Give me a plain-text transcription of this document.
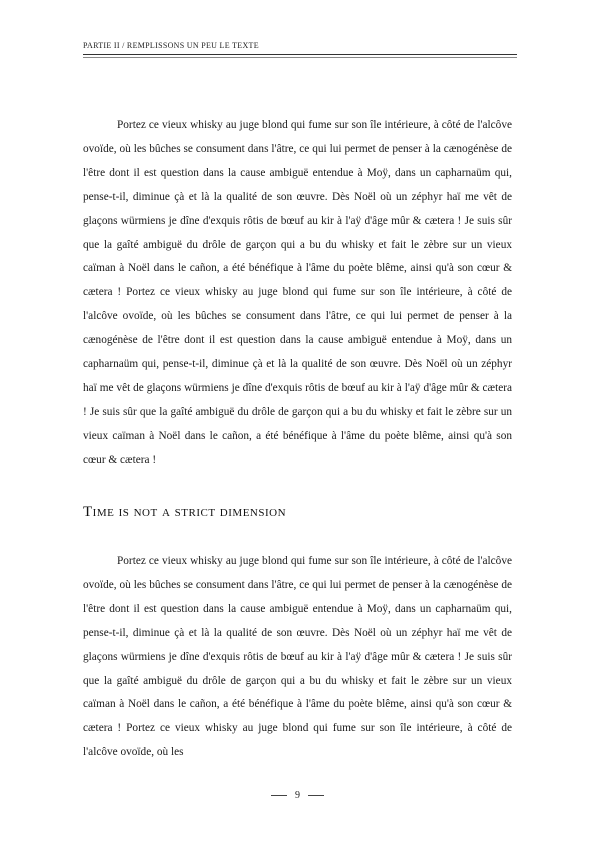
PARTIE II / REMPLISSONS UN PEU LE TEXTE

Portez ce vieux whisky au juge blond qui fume sur son île intérieure, à côté de l'alcôve ovoïde, où les bûches se consument dans l'âtre, ce qui lui permet de penser à la cænogénèse de l'être dont il est question dans la cause ambiguë entendue à Moÿ, dans un capharnaüm qui, pense-t-il, diminue çà et là la qualité de son œuvre. Dès Noël où un zéphyr haï me vêt de glaçons würmiens je dîne d'exquis rôtis de bœuf au kir à l'aÿ d'âge mûr & cætera ! Je suis sûr que la gaîté ambiguë du drôle de garçon qui a bu du whisky et fait le zèbre sur un vieux caïman à Noël dans le cañon, a été bénéfique à l'âme du poète blême, ainsi qu'à son cœur & cætera ! Portez ce vieux whisky au juge blond qui fume sur son île intérieure, à côté de l'alcôve ovoïde, où les bûches se consument dans l'âtre, ce qui lui permet de penser à la cænogénèse de l'être dont il est question dans la cause ambiguë entendue à Moÿ, dans un capharnaüm qui, pense-t-il, diminue çà et là la qualité de son œuvre. Dès Noël où un zéphyr haï me vêt de glaçons würmiens je dîne d'exquis rôtis de bœuf au kir à l'aÿ d'âge mûr & cætera ! Je suis sûr que la gaîté ambiguë du drôle de garçon qui a bu du whisky et fait le zèbre sur un vieux caïman à Noël dans le cañon, a été bénéfique à l'âme du poète blême, ainsi qu'à son cœur & cætera !

Time is not a strict dimension

Portez ce vieux whisky au juge blond qui fume sur son île intérieure, à côté de l'alcôve ovoïde, où les bûches se consument dans l'âtre, ce qui lui permet de penser à la cænogénèse de l'être dont il est question dans la cause ambiguë entendue à Moÿ, dans un capharnaüm qui, pense-t-il, diminue çà et là la qualité de son œuvre. Dès Noël où un zéphyr haï me vêt de glaçons würmiens je dîne d'exquis rôtis de bœuf au kir à l'aÿ d'âge mûr & cætera ! Je suis sûr que la gaîté ambiguë du drôle de garçon qui a bu du whisky et fait le zèbre sur un vieux caïman à Noël dans le cañon, a été bénéfique à l'âme du poète blême, ainsi qu'à son cœur & cætera ! Portez ce vieux whisky au juge blond qui fume sur son île intérieure, à côté de l'alcôve ovoïde, où les

9
